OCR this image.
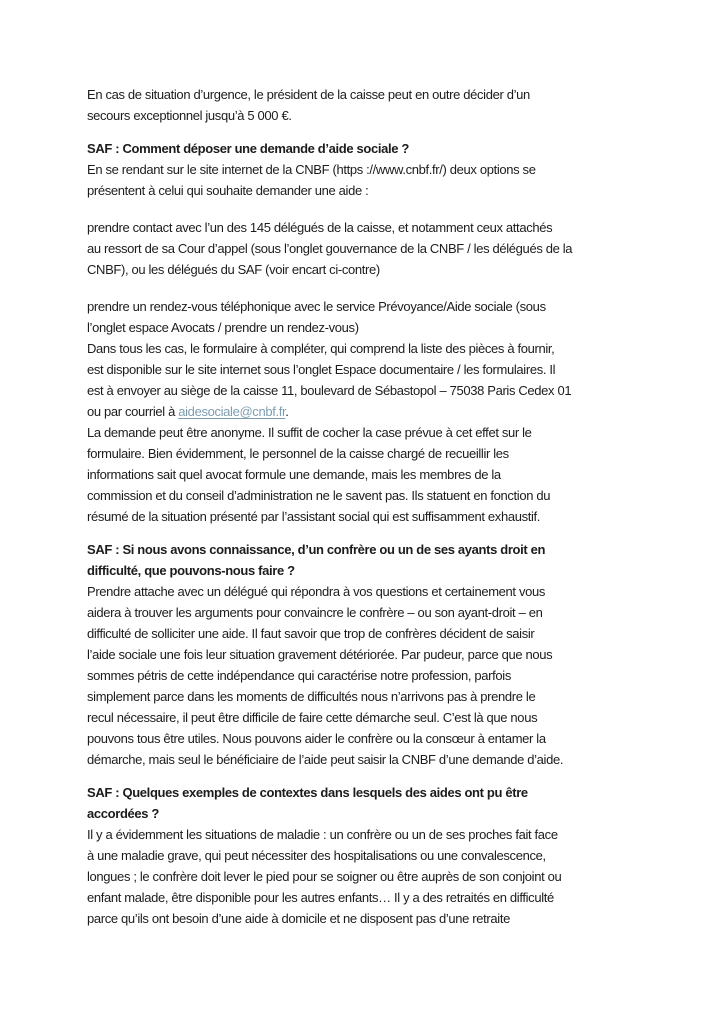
En cas de situation d’urgence, le président de la caisse peut en outre décider d’un
secours exceptionnel jusqu’à 5 000 €.
SAF : Comment déposer une demande d’aide sociale ?
En se rendant sur le site internet de la CNBF (https ://www.cnbf.fr/) deux options se
présentent à celui qui souhaite demander une aide :
prendre contact avec l’un des 145 délégués de la caisse, et notamment ceux attachés
au ressort de sa Cour d’appel (sous l’onglet gouvernance de la CNBF / les délégués de la
CNBF), ou les délégués du SAF (voir encart ci-contre)
prendre un rendez-vous téléphonique avec le service Prévoyance/Aide sociale (sous
l’onglet espace Avocats / prendre un rendez-vous)
Dans tous les cas, le formulaire à compléter, qui comprend la liste des pièces à fournir,
est disponible sur le site internet sous l’onglet Espace documentaire / les formulaires. Il
est à envoyer au siège de la caisse 11, boulevard de Sébastopol – 75038 Paris Cedex 01
ou par courriel à aidesociale@cnbf.fr.
La demande peut être anonyme. Il suffit de cocher la case prévue à cet effet sur le
formulaire. Bien évidemment, le personnel de la caisse chargé de recueillir les
informations sait quel avocat formule une demande, mais les membres de la
commission et du conseil d’administration ne le savent pas. Ils statuent en fonction du
résumé de la situation présenté par l’assistant social qui est suffisamment exhaustif.
SAF : Si nous avons connaissance, d’un confrère ou un de ses ayants droit en
difficulté, que pouvons-nous faire ?
Prendre attache avec un délégué qui répondra à vos questions et certainement vous
aidera à trouver les arguments pour convaincre le confrère – ou son ayant-droit – en
difficulté de solliciter une aide. Il faut savoir que trop de confrères décident de saisir
l’aide sociale une fois leur situation gravement détériorée. Par pudeur, parce que nous
sommes pétris de cette indépendance qui caractérise notre profession, parfois
simplement parce dans les moments de difficultés nous n’arrivons pas à prendre le
recul nécessaire, il peut être difficile de faire cette démarche seul. C’est là que nous
pouvons tous être utiles. Nous pouvons aider le confrère ou la consœur à entamer la
démarche, mais seul le bénéficiaire de l’aide peut saisir la CNBF d’une demande d’aide.
SAF : Quelques exemples de contextes dans lesquels des aides ont pu être
accordées ?
Il y a évidemment les situations de maladie : un confrère ou un de ses proches fait face
à une maladie grave, qui peut nécessiter des hospitalisations ou une convalescence,
longues ; le confrère doit lever le pied pour se soigner ou être auprès de son conjoint ou
enfant malade, être disponible pour les autres enfants… Il y a des retraités en difficulté
parce qu’ils ont besoin d’une aide à domicile et ne disposent pas d’une retraite
